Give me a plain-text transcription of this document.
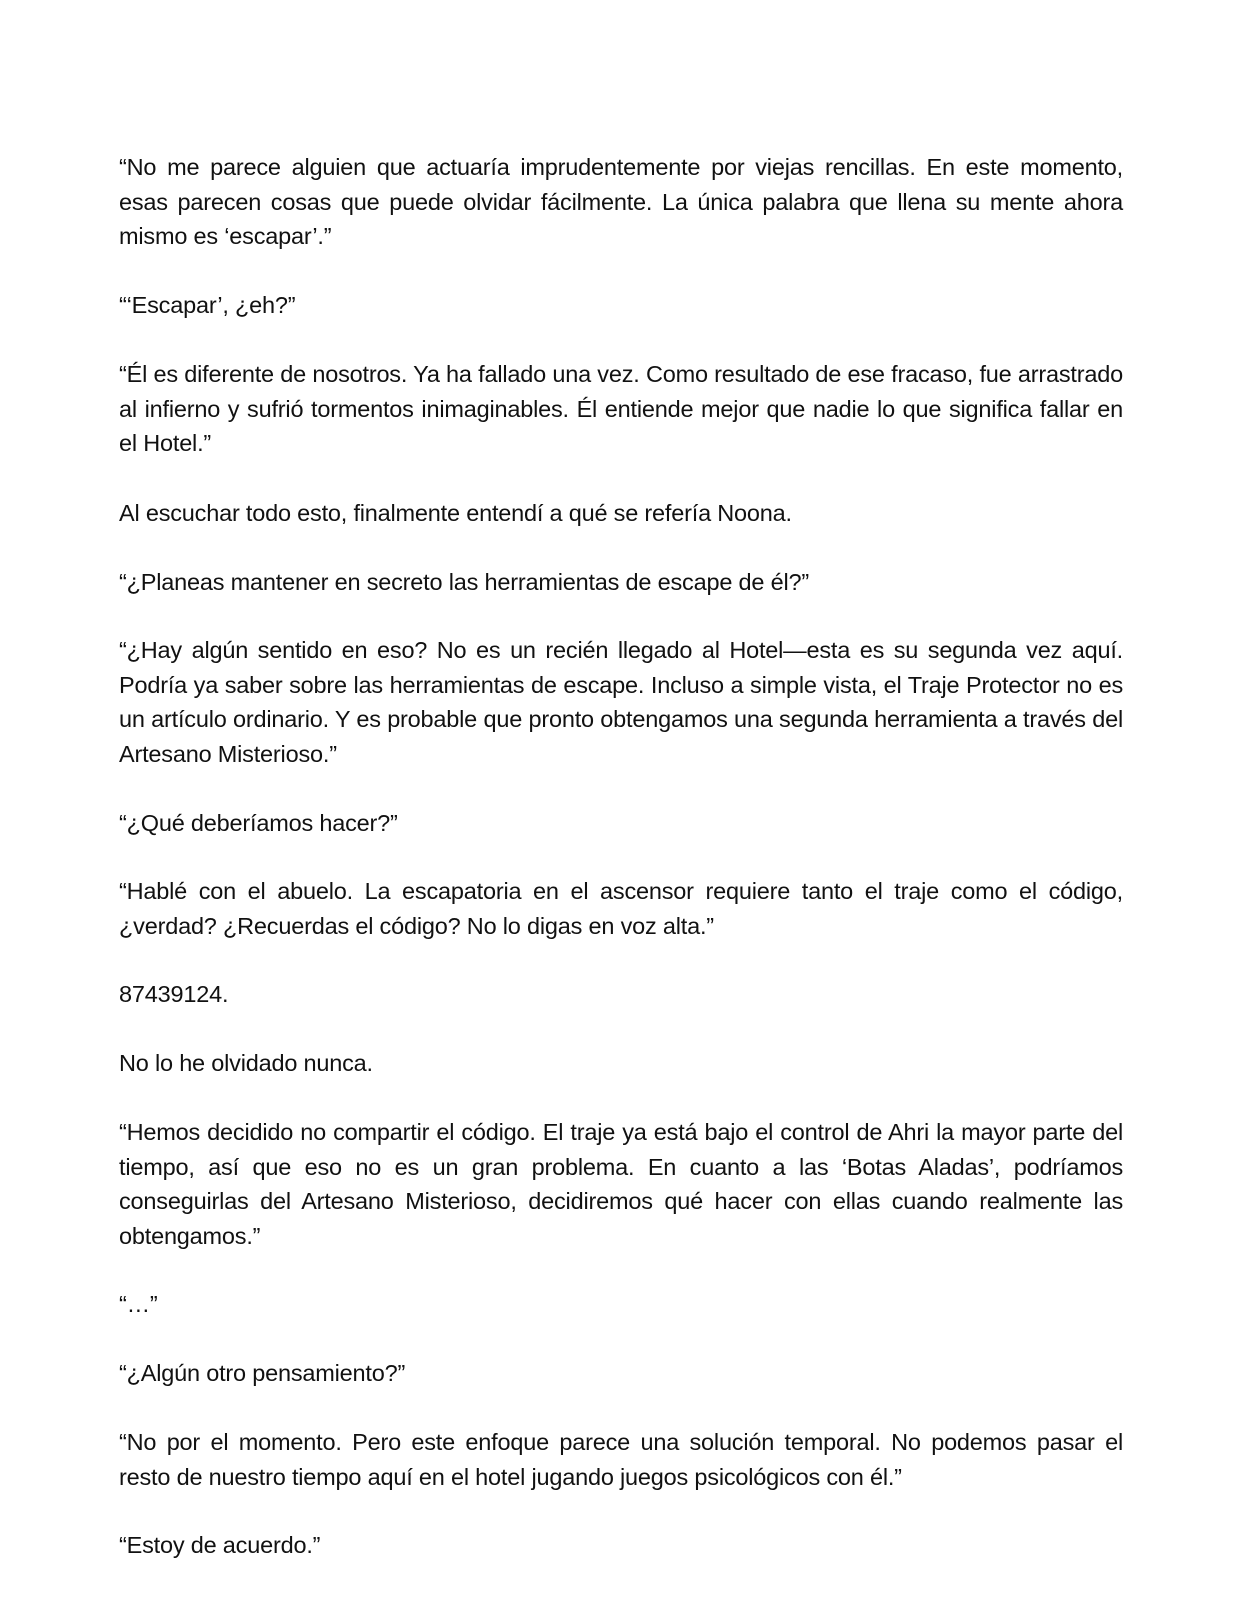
“No me parece alguien que actuaría imprudentemente por viejas rencillas. En este momento, esas parecen cosas que puede olvidar fácilmente. La única palabra que llena su mente ahora mismo es ‘escapar’.”

“‘Escapar’, ¿eh?”

“Él es diferente de nosotros. Ya ha fallado una vez. Como resultado de ese fracaso, fue arrastrado al infierno y sufrió tormentos inimaginables. Él entiende mejor que nadie lo que significa fallar en el Hotel.”

Al escuchar todo esto, finalmente entendí a qué se refería Noona.

“¿Planeas mantener en secreto las herramientas de escape de él?”

“¿Hay algún sentido en eso? No es un recién llegado al Hotel—esta es su segunda vez aquí. Podría ya saber sobre las herramientas de escape. Incluso a simple vista, el Traje Protector no es un artículo ordinario. Y es probable que pronto obtengamos una segunda herramienta a través del Artesano Misterioso.”

“¿Qué deberíamos hacer?”

“Hablé con el abuelo. La escapatoria en el ascensor requiere tanto el traje como el código, ¿verdad? ¿Recuerdas el código? No lo digas en voz alta.”

87439124.

No lo he olvidado nunca.

“Hemos decidido no compartir el código. El traje ya está bajo el control de Ahri la mayor parte del tiempo, así que eso no es un gran problema. En cuanto a las ‘Botas Aladas’, podríamos conseguirlas del Artesano Misterioso, decidiremos qué hacer con ellas cuando realmente las obtengamos.”

“…”

“¿Algún otro pensamiento?”

“No por el momento. Pero este enfoque parece una solución temporal. No podemos pasar el resto de nuestro tiempo aquí en el hotel jugando juegos psicológicos con él.”

“Estoy de acuerdo.”
